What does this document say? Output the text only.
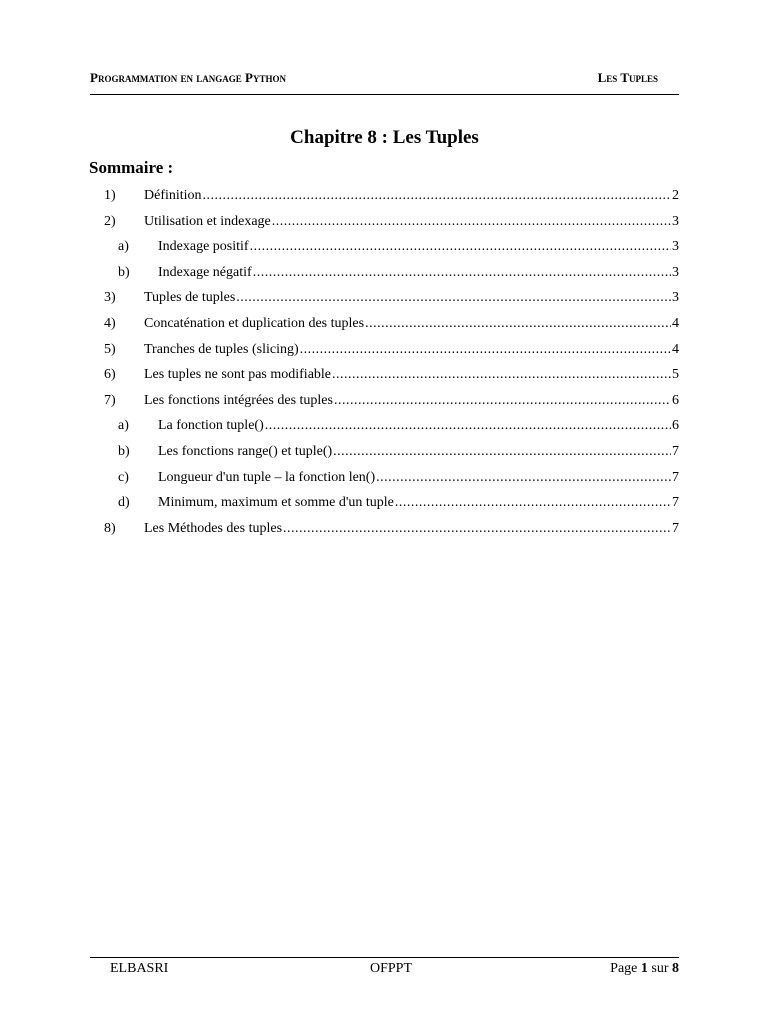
Programmation en langage Python	Les Tuples
Chapitre 8 : Les Tuples
Sommaire :
1) Définition .....	2
2) Utilisation et indexage .....	3
a) Indexage positif .....	3
b) Indexage négatif .....	3
3) Tuples de tuples .....	3
4) Concaténation et duplication des tuples .....	4
5) Tranches de tuples (slicing) .....	4
6) Les tuples ne sont pas modifiable .....	5
7) Les fonctions intégrées des tuples .....	6
a) La fonction tuple() .....	6
b) Les fonctions range() et tuple() .....	7
c) Longueur d'un tuple – la fonction len() .....	7
d) Minimum, maximum et somme d'un tuple .....	7
8) Les Méthodes des tuples .....	7
ELBASRI	OFPPT	Page 1 sur 8
